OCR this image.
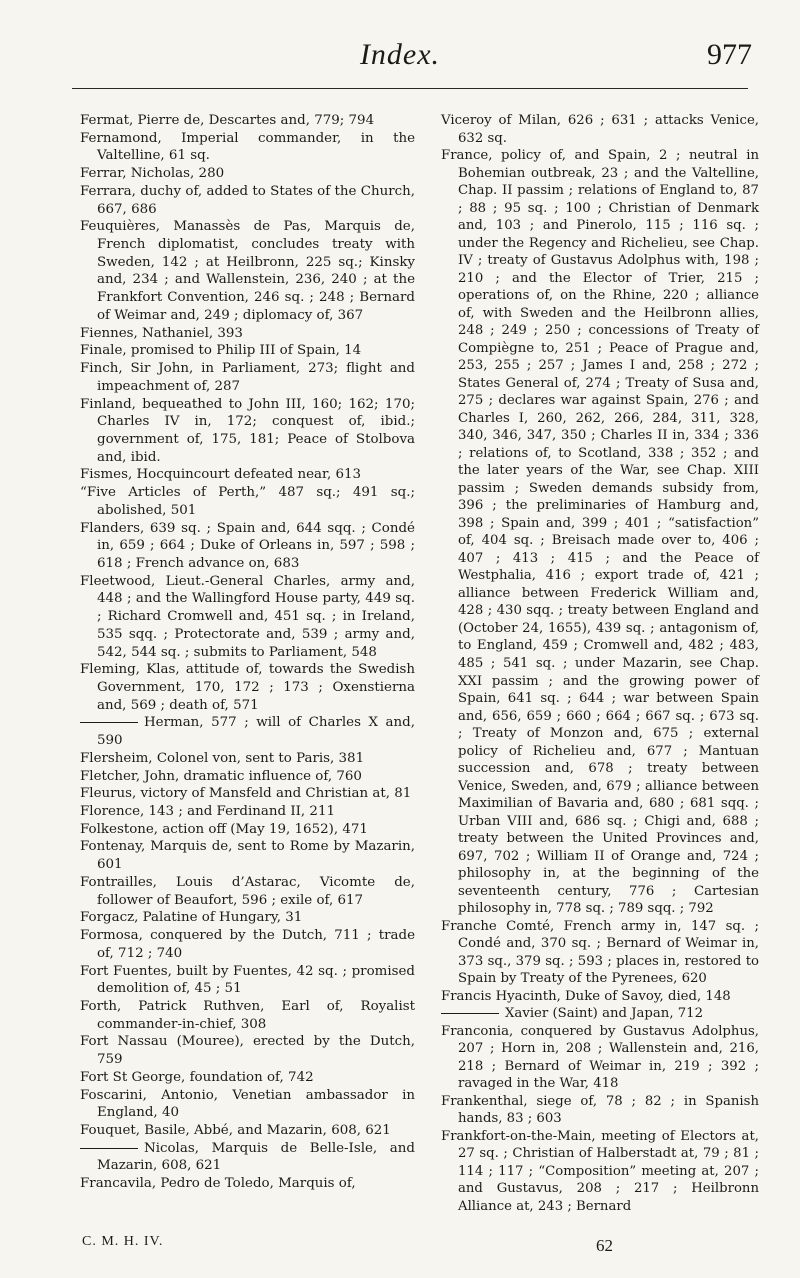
Index.	977

Fermat, Pierre de, Descartes and, 779; 794

Fernamond, Imperial commander, in the Valtelline, 61 sq.

Ferrar, Nicholas, 280

Ferrara, duchy of, added to States of the Church, 667, 686

Feuquières, Manassès de Pas, Marquis de, French diplomatist, concludes treaty with Sweden, 142 ; at Heilbronn, 225 sq.; Kinsky and, 234 ; and Wallenstein, 236, 240 ; at the Frankfort Convention, 246 sq. ; 248 ; Bernard of Weimar and, 249 ; diplomacy of, 367

Fiennes, Nathaniel, 393

Finale, promised to Philip III of Spain, 14

Finch, Sir John, in Parliament, 273; flight and impeachment of, 287

Finland, bequeathed to John III, 160; 162; 170; Charles IV in, 172; conquest of, ibid.; government of, 175, 181; Peace of Stolbova and, ibid.

Fismes, Hocquincourt defeated near, 613

“Five Articles of Perth,” 487 sq.; 491 sq.; abolished, 501

Flanders, 639 sq. ; Spain and, 644 sqq. ; Condé in, 659 ; 664 ; Duke of Orleans in, 597 ; 598 ; 618 ; French advance on, 683

Fleetwood, Lieut.-General Charles, army and, 448 ; and the Wallingford House party, 449 sq. ; Richard Cromwell and, 451 sq. ; in Ireland, 535 sqq. ; Protectorate and, 539 ; army and, 542, 544 sq. ; submits to Parliament, 548

Fleming, Klas, attitude of, towards the Swedish Government, 170, 172 ; 173 ; Oxenstierna and, 569 ; death of, 571

Herman, 577 ; will of Charles X and, 590

Flersheim, Colonel von, sent to Paris, 381

Fletcher, John, dramatic influence of, 760

Fleurus, victory of Mansfeld and Christian at, 81

Florence, 143 ; and Ferdinand II, 211

Folkestone, action off (May 19, 1652), 471

Fontenay, Marquis de, sent to Rome by Mazarin, 601

Fontrailles, Louis d’Astarac, Vicomte de, follower of Beaufort, 596 ; exile of, 617

Forgacz, Palatine of Hungary, 31

Formosa, conquered by the Dutch, 711 ; trade of, 712 ; 740

Fort Fuentes, built by Fuentes, 42 sq. ; promised demolition of, 45 ; 51

Forth, Patrick Ruthven, Earl of, Royalist commander-in-chief, 308

Fort Nassau (Mouree), erected by the Dutch, 759

Fort St George, foundation of, 742

Foscarini, Antonio, Venetian ambassador in England, 40

Fouquet, Basile, Abbé, and Mazarin, 608, 621

Nicolas, Marquis de Belle-Isle, and Mazarin, 608, 621

Francavila, Pedro de Toledo, Marquis of,

Viceroy of Milan, 626 ; 631 ; attacks Venice, 632 sq.

France, policy of, and Spain, 2 ; neutral in Bohemian outbreak, 23 ; and the Valtelline, Chap. II passim ; relations of England to, 87 ; 88 ; 95 sq. ; 100 ; Christian of Denmark and, 103 ; and Pinerolo, 115 ; 116 sq. ; under the Regency and Richelieu, see Chap. IV ; treaty of Gustavus Adolphus with, 198 ; 210 ; and the Elector of Trier, 215 ; operations of, on the Rhine, 220 ; alliance of, with Sweden and the Heilbronn allies, 248 ; 249 ; 250 ; concessions of Treaty of Compiègne to, 251 ; Peace of Prague and, 253, 255 ; 257 ; James I and, 258 ; 272 ; States General of, 274 ; Treaty of Susa and, 275 ; declares war against Spain, 276 ; and Charles I, 260, 262, 266, 284, 311, 328, 340, 346, 347, 350 ; Charles II in, 334 ; 336 ; relations of, to Scotland, 338 ; 352 ; and the later years of the War, see Chap. XIII passim ; Sweden demands subsidy from, 396 ; the preliminaries of Hamburg and, 398 ; Spain and, 399 ; 401 ; “satisfaction” of, 404 sq. ; Breisach made over to, 406 ; 407 ; 413 ; 415 ; and the Peace of Westphalia, 416 ; export trade of, 421 ; alliance between Frederick William and, 428 ; 430 sqq. ; treaty between England and (October 24, 1655), 439 sq. ; antagonism of, to England, 459 ; Cromwell and, 482 ; 483, 485 ; 541 sq. ; under Mazarin, see Chap. XXI passim ; and the growing power of Spain, 641 sq. ; 644 ; war between Spain and, 656, 659 ; 660 ; 664 ; 667 sq. ; 673 sq. ; Treaty of Monzon and, 675 ; external policy of Richelieu and, 677 ; Mantuan succession and, 678 ; treaty between Venice, Sweden, and, 679 ; alliance between Maximilian of Bavaria and, 680 ; 681 sqq. ; Urban VIII and, 686 sq. ; Chigi and, 688 ; treaty between the United Provinces and, 697, 702 ; William II of Orange and, 724 ; philosophy in, at the beginning of the seventeenth century, 776 ; Cartesian philosophy in, 778 sq. ; 789 sqq. ; 792

Franche Comté, French army in, 147 sq. ; Condé and, 370 sq. ; Bernard of Weimar in, 373 sq., 379 sq. ; 593 ; places in, restored to Spain by Treaty of the Pyrenees, 620

Francis Hyacinth, Duke of Savoy, died, 148

Xavier (Saint) and Japan, 712

Franconia, conquered by Gustavus Adolphus, 207 ; Horn in, 208 ; Wallenstein and, 216, 218 ; Bernard of Weimar in, 219 ; 392 ; ravaged in the War, 418

Frankenthal, siege of, 78 ; 82 ; in Spanish hands, 83 ; 603

Frankfort-on-the-Main, meeting of Electors at, 27 sq. ; Christian of Halberstadt at, 79 ; 81 ; 114 ; 117 ; “Composition” meeting at, 207 ; and Gustavus, 208 ; 217 ; Heilbronn Alliance at, 243 ; Bernard

C. M. H. IV.	62
